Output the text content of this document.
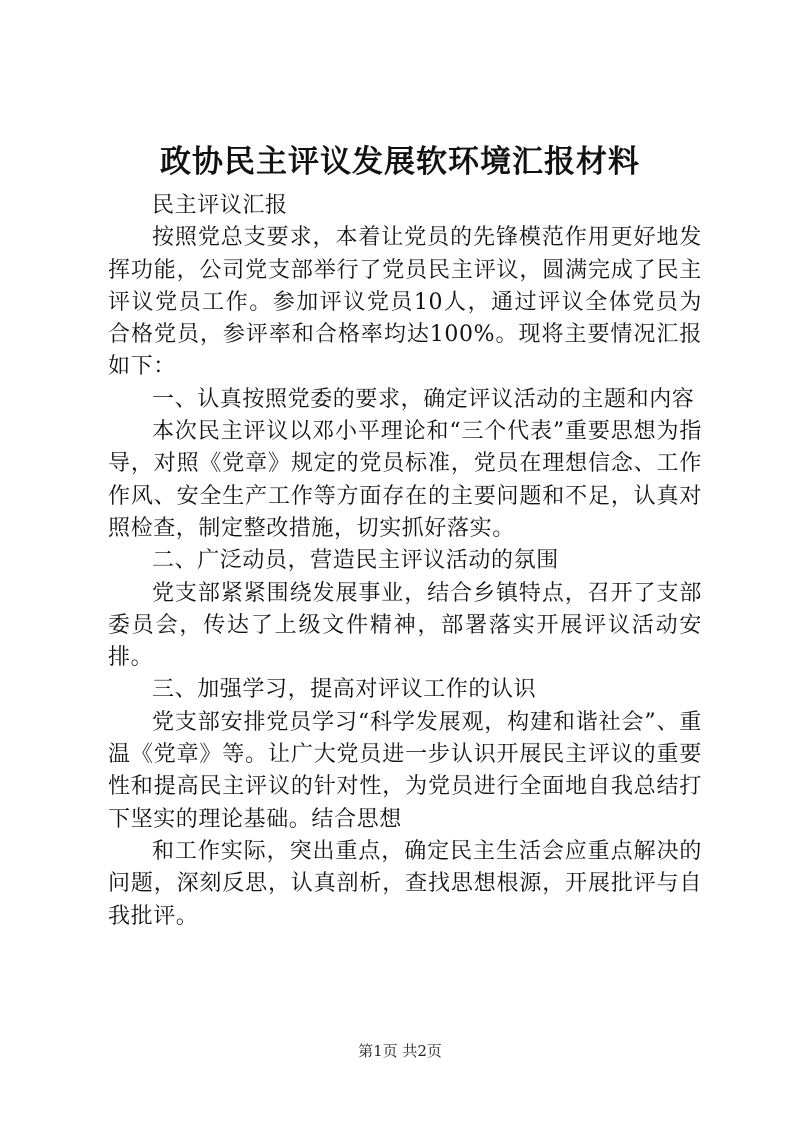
政协民主评议发展软环境汇报材料

民主评议汇报

按照党总支要求，本着让党员的先锋模范作用更好地发挥功能，公司党支部举行了党员民主评议，圆满完成了民主评议党员工作。参加评议党员10人，通过评议全体党员为合格党员，参评率和合格率均达100%。现将主要情况汇报如下：

一、认真按照党委的要求，确定评议活动的主题和内容

本次民主评议以邓小平理论和“三个代表”重要思想为指导，对照《党章》规定的党员标准，党员在理想信念、工作作风、安全生产工作等方面存在的主要问题和不足，认真对照检查，制定整改措施，切实抓好落实。

二、广泛动员，营造民主评议活动的氛围

党支部紧紧围绕发展事业，结合乡镇特点，召开了支部委员会，传达了上级文件精神，部署落实开展评议活动安排。

三、加强学习，提高对评议工作的认识

党支部安排党员学习“科学发展观，构建和谐社会”、重温《党章》等。让广大党员进一步认识开展民主评议的重要性和提高民主评议的针对性，为党员进行全面地自我总结打下坚实的理论基础。结合思想

和工作实际，突出重点，确定民主生活会应重点解决的问题，深刻反思，认真剖析，查找思想根源，开展批评与自我批评。

第1页 共2页
